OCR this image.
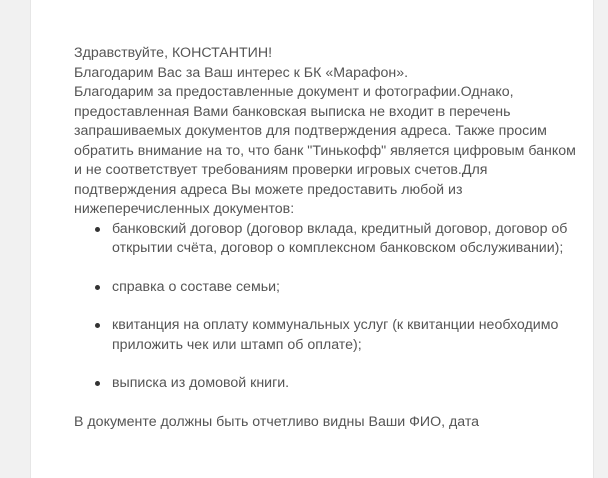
Здравствуйте, КОНСТАНТИН!

Благодарим Вас за Ваш интерес к БК «Марафон».

Благодарим за предоставленные документ и фотографии.Однако, предоставленная Вами банковская выписка не входит в перечень запрашиваемых документов для подтверждения адреса. Также просим обратить внимание на то, что банк "Тинькофф" является цифровым банком и не соответствует требованиям проверки игровых счетов.Для подтверждения адреса Вы можете предоставить любой из нижеперечисленных документов:

банковский договор (договор вклада, кредитный договор, договор об открытии счёта, договор о комплексном банковском обслуживании);
справка о составе семьи;
квитанция на оплату коммунальных услуг (к квитанции необходимо приложить чек или штамп об оплате);
выписка из домовой книги.

В документе должны быть отчетливо видны Ваши ФИО, дата
